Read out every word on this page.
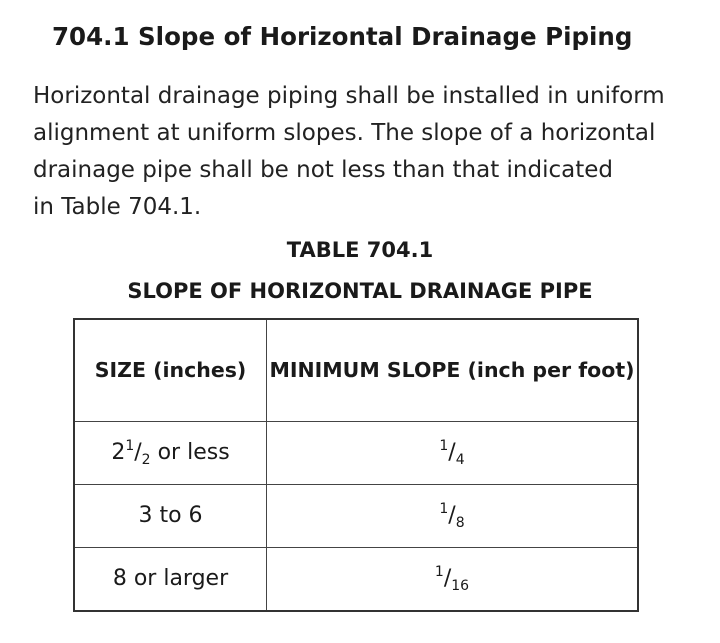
704.1 Slope of Horizontal Drainage Piping
Horizontal drainage piping shall be installed in uniform
alignment at uniform slopes. The slope of a horizontal
drainage pipe shall be not less than that indicated
in Table 704.1.
TABLE 704.1
SLOPE OF HORIZONTAL DRAINAGE PIPE
SIZE (inches)	MINIMUM SLOPE (inch per foot)
$2^1/_2$ or less	$^1/_4$
3 to 6	$^1/_8$
8 or larger	$^1/_{16}$
